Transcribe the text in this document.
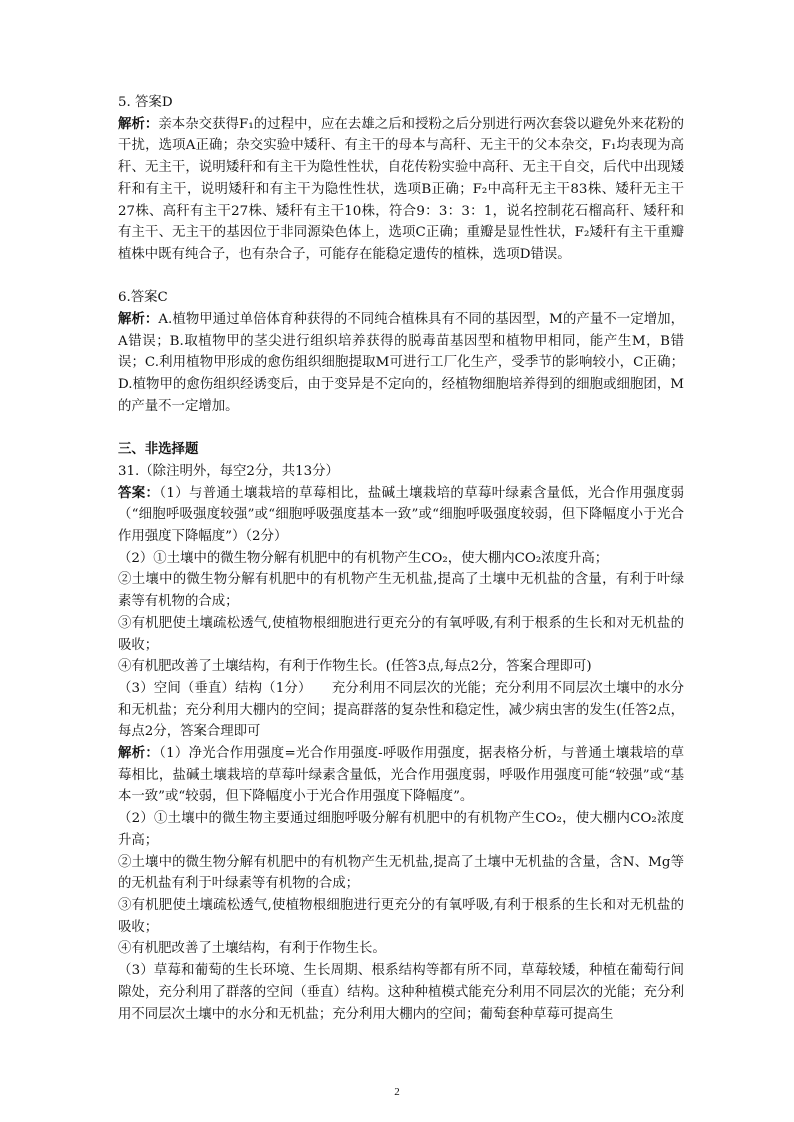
5. 答案D

解析：亲本杂交获得F₁的过程中，应在去雄之后和授粉之后分别进行两次套袋以避免外来花粉的干扰，选项A正确；杂交实验中矮秆、有主干的母本与高秆、无主干的父本杂交，F₁均表现为高秆、无主干，说明矮秆和有主干为隐性性状，自花传粉实验中高秆、无主干自交，后代中出现矮秆和有主干，说明矮秆和有主干为隐性性状，选项B正确；F₂中高秆无主干83株、矮秆无主干27株、高秆有主干27株、矮秆有主干10株，符合9：3：3：1，说名控制花石榴高秆、矮秆和有主干、无主干的基因位于非同源染色体上，选项C正确；重瓣是显性性状，F₂矮秆有主干重瓣植株中既有纯合子，也有杂合子，可能存在能稳定遗传的植株，选项D错误。

6.答案C

解析：A.植物甲通过单倍体育种获得的不同纯合植株具有不同的基因型，M的产量不一定增加，A错误；B.取植物甲的茎尖进行组织培养获得的脱毒苗基因型和植物甲相同，能产生M，B错误；C.利用植物甲形成的愈伤组织细胞提取M可进行工厂化生产，受季节的影响较小，C正确；D.植物甲的愈伤组织经诱变后，由于变异是不定向的，经植物细胞培养得到的细胞或细胞团，M的产量不一定增加。

三、非选择题

31.（除注明外，每空2分，共13分）

答案：（1）与普通土壤栽培的草莓相比，盐碱土壤栽培的草莓叶绿素含量低，光合作用强度弱（“细胞呼吸强度较强”或“细胞呼吸强度基本一致”或“细胞呼吸强度较弱，但下降幅度小于光合作用强度下降幅度”）（2分）

（2）①土壤中的微生物分解有机肥中的有机物产生CO₂，使大棚内CO₂浓度升高；

②土壤中的微生物分解有机肥中的有机物产生无机盐,提高了土壤中无机盐的含量，有利于叶绿素等有机物的合成；

③有机肥使土壤疏松透气,使植物根细胞进行更充分的有氧呼吸,有利于根系的生长和对无机盐的吸收；

④有机肥改善了土壤结构，有利于作物生长。(任答3点,每点2分，答案合理即可)

（3）空间（垂直）结构（1分）　　充分利用不同层次的光能；充分利用不同层次土壤中的水分和无机盐；充分利用大棚内的空间；提高群落的复杂性和稳定性，减少病虫害的发生(任答2点，每点2分，答案合理即可

解析：（1）净光合作用强度=光合作用强度-呼吸作用强度，据表格分析，与普通土壤栽培的草莓相比，盐碱土壤栽培的草莓叶绿素含量低，光合作用强度弱，呼吸作用强度可能“较强”或“基本一致”或“较弱，但下降幅度小于光合作用强度下降幅度”。

（2）①土壤中的微生物主要通过细胞呼吸分解有机肥中的有机物产生CO₂，使大棚内CO₂浓度升高；

②土壤中的微生物分解有机肥中的有机物产生无机盐,提高了土壤中无机盐的含量，含N、Mg等的无机盐有利于叶绿素等有机物的合成；

③有机肥使土壤疏松透气,使植物根细胞进行更充分的有氧呼吸,有利于根系的生长和对无机盐的吸收；

④有机肥改善了土壤结构，有利于作物生长。

（3）草莓和葡萄的生长环境、生长周期、根系结构等都有所不同，草莓较矮，种植在葡萄行间隙处，充分利用了群落的空间（垂直）结构。这种种植模式能充分利用不同层次的光能；充分利用不同层次土壤中的水分和无机盐；充分利用大棚内的空间；葡萄套种草莓可提高生

2
